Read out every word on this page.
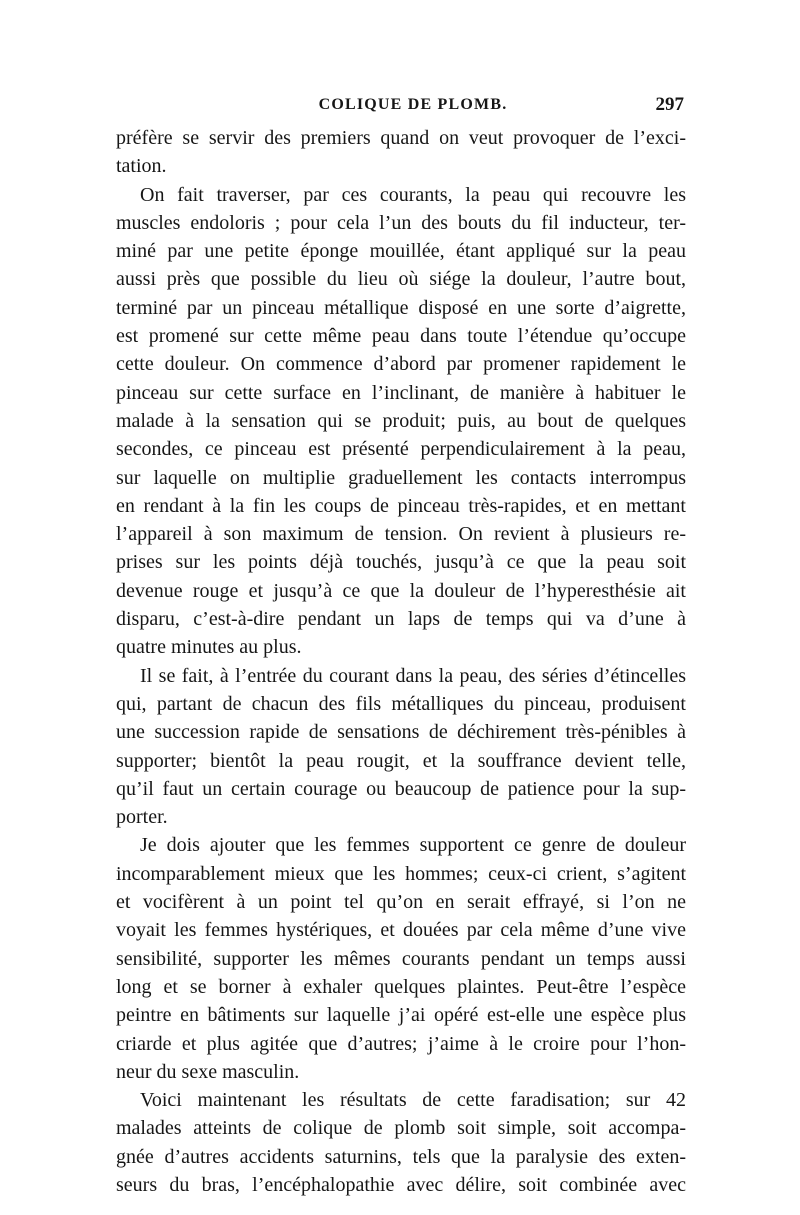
COLIQUE DE PLOMB.	297
préfère se servir des premiers quand on veut provoquer de l’exci-
tation.
On fait traverser, par ces courants, la peau qui recouvre les
muscles endoloris ; pour cela l’un des bouts du fil inducteur, ter-
miné par une petite éponge mouillée, étant appliqué sur la peau
aussi près que possible du lieu où siége la douleur, l’autre bout,
terminé par un pinceau métallique disposé en une sorte d’aigrette,
est promené sur cette même peau dans toute l’étendue qu’occupe
cette douleur. On commence d’abord par promener rapidement le
pinceau sur cette surface en l’inclinant, de manière à habituer le
malade à la sensation qui se produit; puis, au bout de quelques
secondes, ce pinceau est présenté perpendiculairement à la peau,
sur laquelle on multiplie graduellement les contacts interrompus
en rendant à la fin les coups de pinceau très-rapides, et en mettant
l’appareil à son maximum de tension. On revient à plusieurs re-
prises sur les points déjà touchés, jusqu’à ce que la peau soit
devenue rouge et jusqu’à ce que la douleur de l’hyperesthésie ait
disparu, c’est-à-dire pendant un laps de temps qui va d’une à
quatre minutes au plus.
Il se fait, à l’entrée du courant dans la peau, des séries d’étincelles
qui, partant de chacun des fils métalliques du pinceau, produisent
une succession rapide de sensations de déchirement très-pénibles à
supporter; bientôt la peau rougit, et la souffrance devient telle,
qu’il faut un certain courage ou beaucoup de patience pour la sup-
porter.
Je dois ajouter que les femmes supportent ce genre de douleur
incomparablement mieux que les hommes; ceux-ci crient, s’agitent
et vocifèrent à un point tel qu’on en serait effrayé, si l’on ne
voyait les femmes hystériques, et douées par cela même d’une vive
sensibilité, supporter les mêmes courants pendant un temps aussi
long et se borner à exhaler quelques plaintes. Peut-être l’espèce
peintre en bâtiments sur laquelle j’ai opéré est-elle une espèce plus
criarde et plus agitée que d’autres; j’aime à le croire pour l’hon-
neur du sexe masculin.
Voici maintenant les résultats de cette faradisation; sur 42
malades atteints de colique de plomb soit simple, soit accompa-
gnée d’autres accidents saturnins, tels que la paralysie des exten-
seurs du bras, l’encéphalopathie avec délire, soit combinée avec
